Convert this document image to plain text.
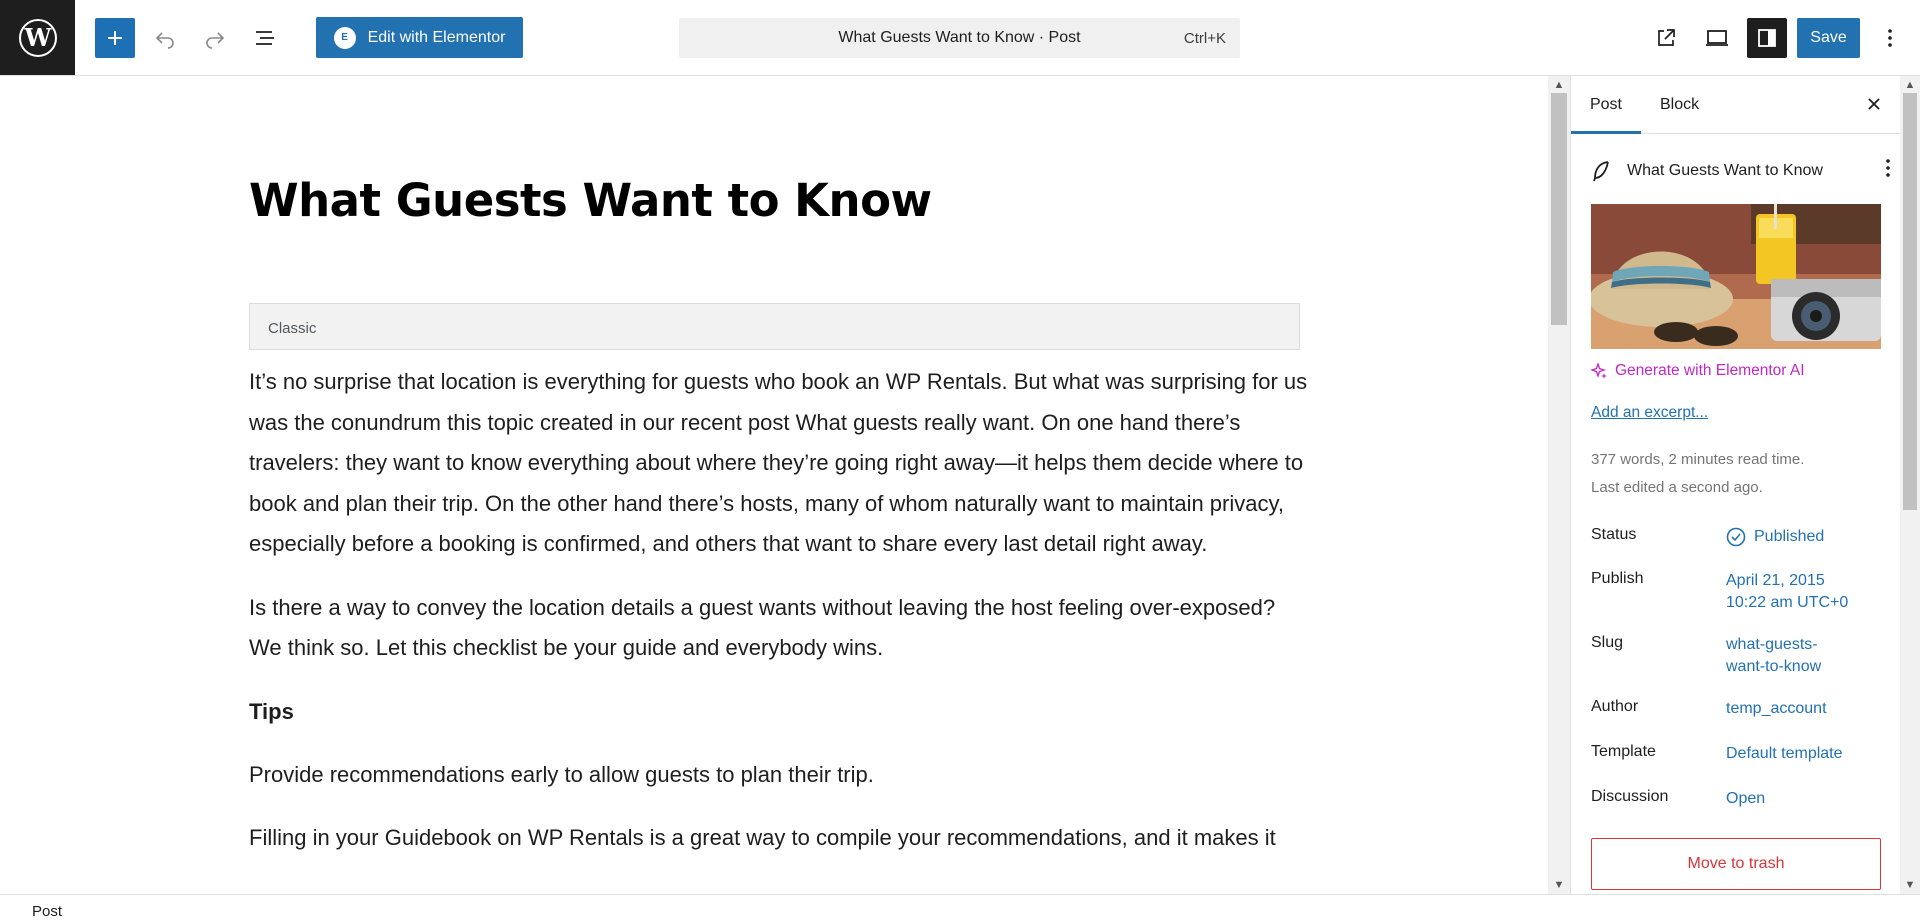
W	E	Edit with Elementor	What Guests Want to Know · Post	Ctrl+K	Save
What Guests Want to Know
Classic

It’s no surprise that location is everything for guests who book an WP Rentals. But what was surprising for us was the conundrum this topic created in our recent post What guests really want. On one hand there’s travelers: they want to know everything about where they’re going right away—it helps them decide where to book and plan their trip. On the other hand there’s hosts, many of whom naturally want to maintain privacy, especially before a booking is confirmed, and others that want to share every last detail right away.

Is there a way to convey the location details a guest wants without leaving the host feeling over-exposed? We think so. Let this checklist be your guide and everybody wins.

Tips

Provide recommendations early to allow guests to plan their trip.

Filling in your Guidebook on WP Rentals is a great way to compile your recommendations, and it makes it

▲
▼
Post	Block
What Guests Want to Know
Generate with Elementor AI
Add an excerpt...
377 words, 2 minutes read time.
Last edited a second ago.
Status	Published
Publish	April 21, 2015
10:22 am UTC+0
Slug	what-guests-
want-to-know
Author	temp_account
Template	Default template
Discussion	Open
Move to trash
▲
▼
Post
